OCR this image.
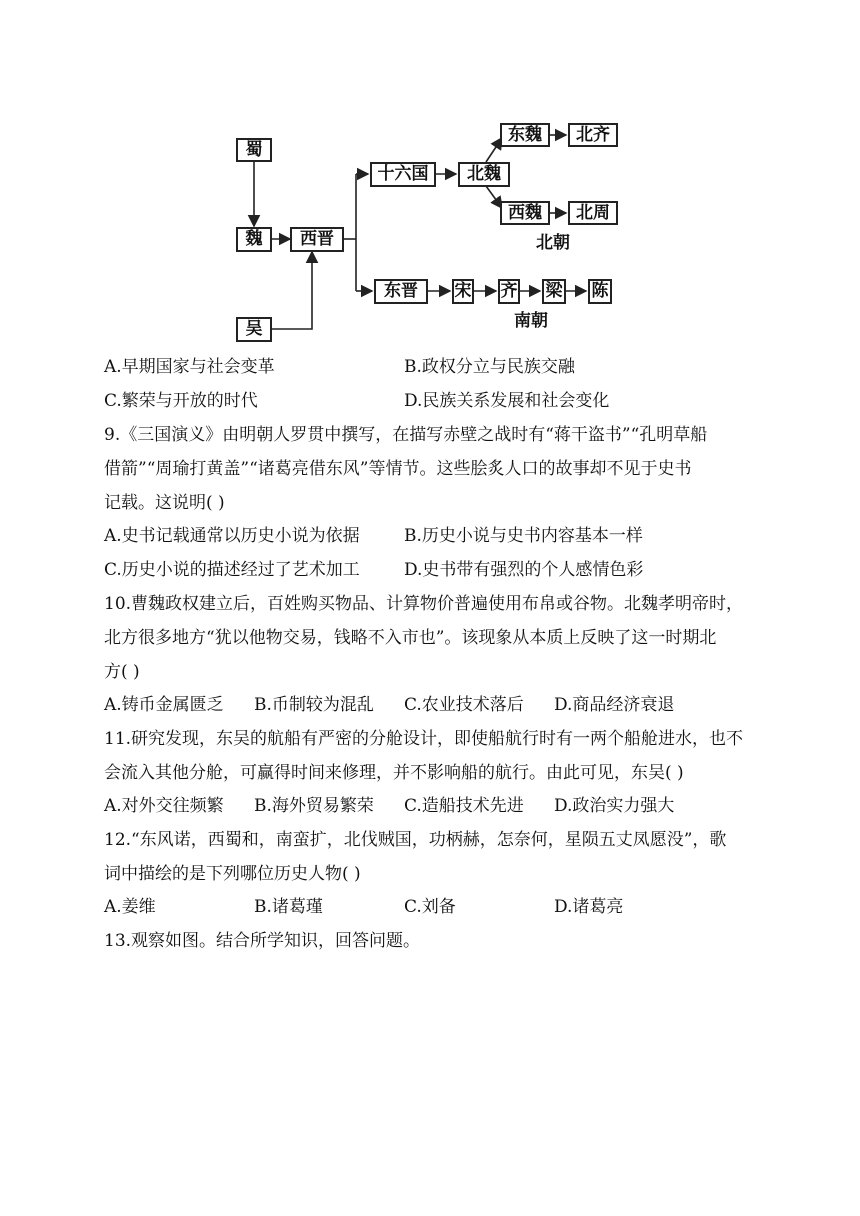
蜀
魏
吴
西晋
十六国	北魏
东魏	北齐
西魏	北周
北朝
东晋	宋 齐 梁 陈
南朝
A.早期国家与社会变革	B.政权分立与民族交融
C.繁荣与开放的时代	D.民族关系发展和社会变化
9.《三国演义》由明朝人罗贯中撰写，在描写赤壁之战时有“蒋干盗书”“孔明草船
借箭”“周瑜打黄盖”“诸葛亮借东风”等情节。这些脍炙人口的故事却不见于史书
记载。这说明( )
A.史书记载通常以历史小说为依据	B.历史小说与史书内容基本一样
C.历史小说的描述经过了艺术加工	D.史书带有强烈的个人感情色彩
10.曹魏政权建立后，百姓购买物品、计算物价普遍使用布帛或谷物。北魏孝明帝时，
北方很多地方“犹以他物交易，钱略不入市也”。该现象从本质上反映了这一时期北
方( )
A.铸币金属匮乏 B.币制较为混乱 C.农业技术落后 D.商品经济衰退
11.研究发现，东吴的航船有严密的分舱设计，即使船航行时有一两个船舱进水，也不
会流入其他分舱，可赢得时间来修理，并不影响船的航行。由此可见，东吴( )
A.对外交往频繁 B.海外贸易繁荣 C.造船技术先进 D.政治实力强大
12.“东风诺，西蜀和，南蛮扩，北伐贼国，功柄赫，怎奈何，星陨五丈凤愿没”，歌
词中描绘的是下列哪位历史人物( )
A.姜维	B.诸葛瑾	C.刘备	D.诸葛亮
13.观察如图。结合所学知识，回答问题。
